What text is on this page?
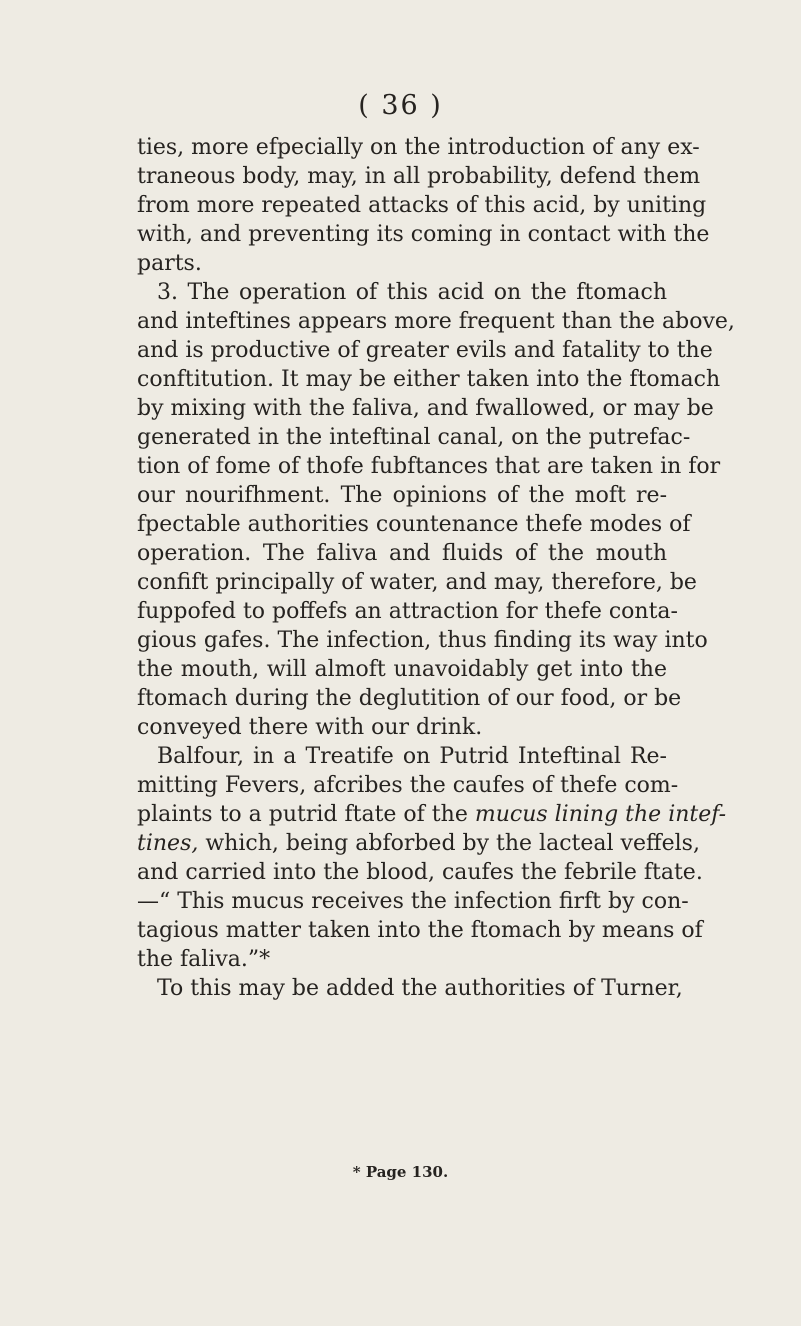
( 36 )
ties, more efpecially on the introduction of any ex-
traneous body, may, in all probability, defend them
from more repeated attacks of this acid, by uniting
with, and preventing its coming in contact with the
parts.
3. The operation of this acid on the ftomach
and inteftines appears more frequent than the above,
and is productive of greater evils and fatality to the
conftitution. It may be either taken into the ftomach
by mixing with the faliva, and fwallowed, or may be
generated in the inteftinal canal, on the putrefac-
tion of fome of thofe fubftances that are taken in for
our nourifhment. The opinions of the moft re-
fpectable authorities countenance thefe modes of
operation. The faliva and fluids of the mouth
confift principally of water, and may, therefore, be
fuppofed to poffefs an attraction for thefe conta-
gious gafes. The infection, thus finding its way into
the mouth, will almoft unavoidably get into the
ftomach during the deglutition of our food, or be
conveyed there with our drink.
Balfour, in a Treatife on Putrid Inteftinal Re-
mitting Fevers, afcribes the caufes of thefe com-
plaints to a putrid ftate of the mucus lining the intef-
tines, which, being abforbed by the lacteal veffels,
and carried into the blood, caufes the febrile ftate.
—“ This mucus receives the infection firft by con-
tagious matter taken into the ftomach by means of
the faliva.”*
To this may be added the authorities of Turner,
* Page 130.
